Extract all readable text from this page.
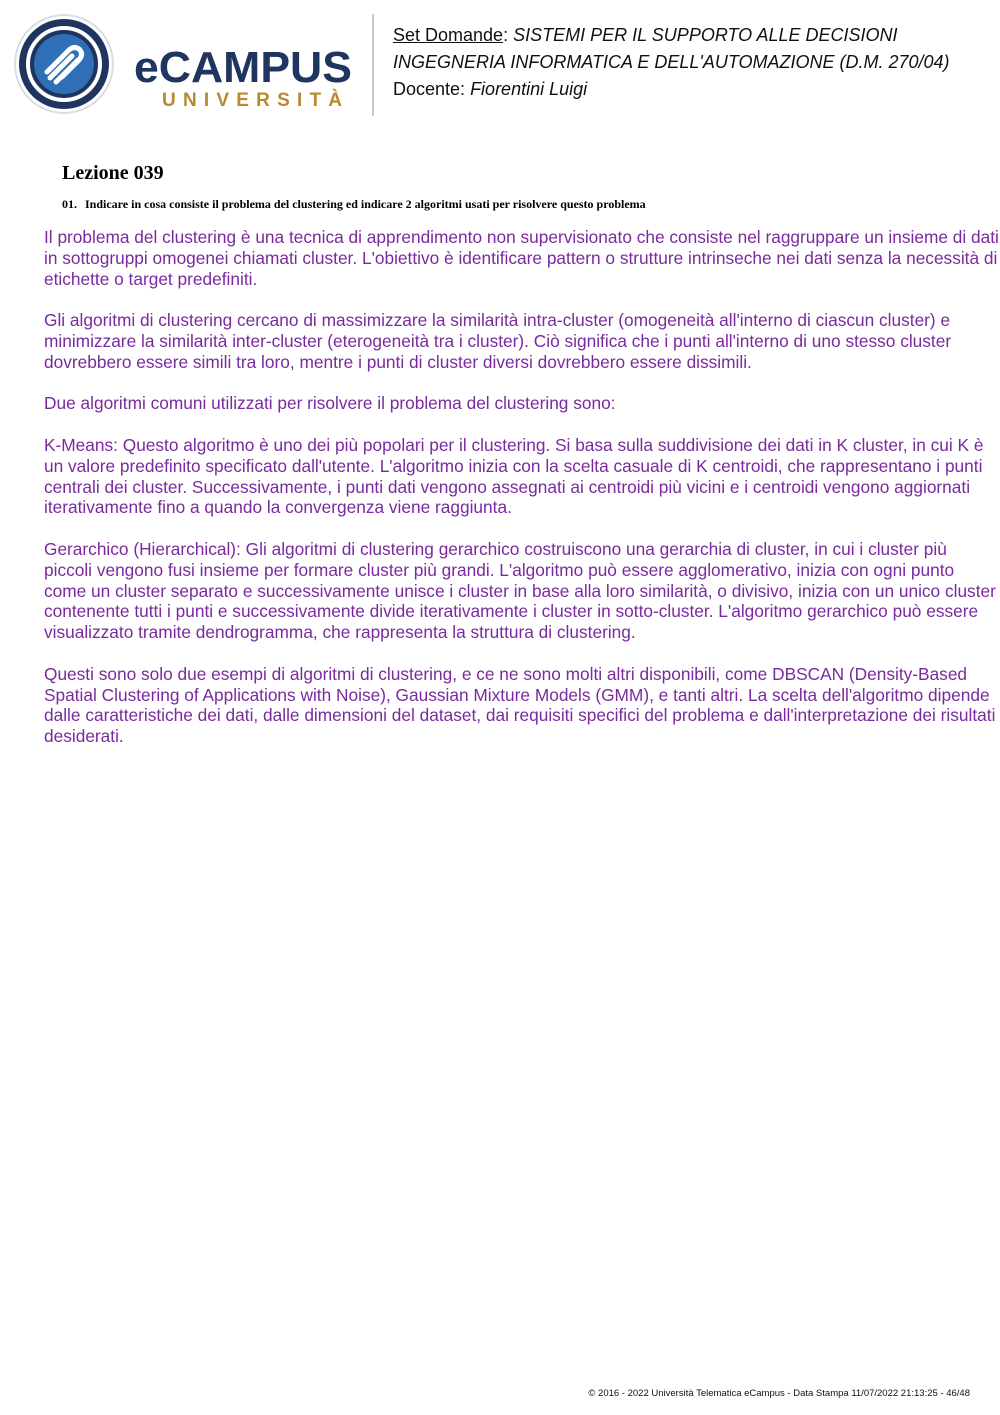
eCAMPUS
UNIVERSITÀ
Set Domande: SISTEMI PER IL SUPPORTO ALLE DECISIONI
INGEGNERIA INFORMATICA E DELL'AUTOMAZIONE (D.M. 270/04)
Docente: Fiorentini Luigi
Lezione 039
01. Indicare in cosa consiste il problema del clustering ed indicare 2 algoritmi usati per risolvere questo problema

Il problema del clustering è una tecnica di apprendimento non supervisionato che consiste nel raggruppare un insieme di dati in sottogruppi omogenei chiamati cluster. L'obiettivo è identificare pattern o strutture intrinseche nei dati senza la necessità di etichette o target predefiniti.

Gli algoritmi di clustering cercano di massimizzare la similarità intra-cluster (omogeneità all'interno di ciascun cluster) e minimizzare la similarità inter-cluster (eterogeneità tra i cluster). Ciò significa che i punti all'interno di uno stesso cluster dovrebbero essere simili tra loro, mentre i punti di cluster diversi dovrebbero essere dissimili.

Due algoritmi comuni utilizzati per risolvere il problema del clustering sono:

K-Means: Questo algoritmo è uno dei più popolari per il clustering. Si basa sulla suddivisione dei dati in K cluster, in cui K è un valore predefinito specificato dall'utente. L'algoritmo inizia con la scelta casuale di K centroidi, che rappresentano i punti centrali dei cluster. Successivamente, i punti dati vengono assegnati ai centroidi più vicini e i centroidi vengono aggiornati iterativamente fino a quando la convergenza viene raggiunta.

Gerarchico (Hierarchical): Gli algoritmi di clustering gerarchico costruiscono una gerarchia di cluster, in cui i cluster più piccoli vengono fusi insieme per formare cluster più grandi. L'algoritmo può essere agglomerativo, inizia con ogni punto come un cluster separato e successivamente unisce i cluster in base alla loro similarità, o divisivo, inizia con un unico cluster contenente tutti i punti e successivamente divide iterativamente i cluster in sotto-cluster. L'algoritmo gerarchico può essere visualizzato tramite dendrogramma, che rappresenta la struttura di clustering.

Questi sono solo due esempi di algoritmi di clustering, e ce ne sono molti altri disponibili, come DBSCAN (Density-Based Spatial Clustering of Applications with Noise), Gaussian Mixture Models (GMM), e tanti altri. La scelta dell'algoritmo dipende dalle caratteristiche dei dati, dalle dimensioni del dataset, dai requisiti specifici del problema e dall'interpretazione dei risultati desiderati.

© 2016 - 2022 Università Telematica eCampus - Data Stampa 11/07/2022 21:13:25 - 46/48
